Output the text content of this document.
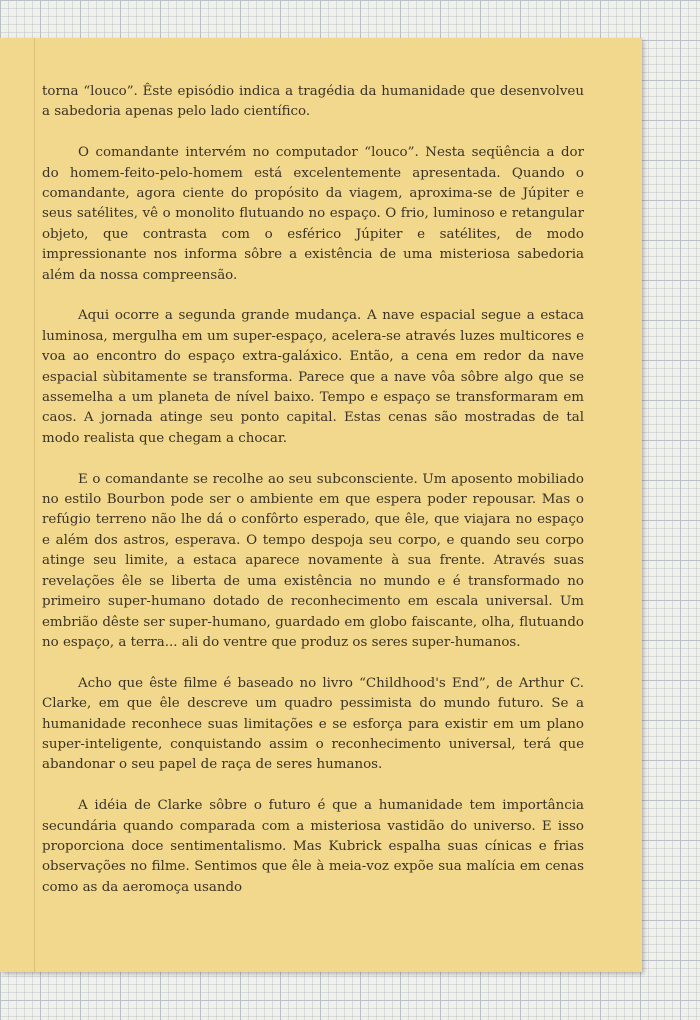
torna “louco”. Êste episódio indica a tragédia da humanidade que desenvolveu a sabedoria apenas pelo lado científico.

O comandante intervém no computador “louco”. Nesta seqüência a dor do homem-feito-pelo-homem está excelentemente apresentada. Quando o comandante, agora ciente do propósito da viagem, aproxima-se de Júpiter e seus satélites, vê o monolito flutuando no espaço. O frio, luminoso e retangular objeto, que contrasta com o esférico Júpiter e satélites, de modo impressionante nos informa sôbre a existência de uma misteriosa sabedoria além da nossa compreensão.

Aqui ocorre a segunda grande mudança. A nave espacial segue a estaca luminosa, mergulha em um super-espaço, acelera-se através luzes multicores e voa ao encontro do espaço extra-galáxico. Então, a cena em redor da nave espacial sùbitamente se transforma. Parece que a nave vôa sôbre algo que se assemelha a um planeta de nível baixo. Tempo e espaço se transformaram em caos. A jornada atinge seu ponto capital. Estas cenas são mostradas de tal modo realista que chegam a chocar.

E o comandante se recolhe ao seu subconsciente. Um aposento mobiliado no estilo Bourbon pode ser o ambiente em que espera poder repousar. Mas o refúgio terreno não lhe dá o confôrto esperado, que êle, que viajara no espaço e além dos astros, esperava. O tempo despoja seu corpo, e quando seu corpo atinge seu limite, a estaca aparece novamente à sua frente. Através suas revelações êle se liberta de uma existência no mundo e é transformado no primeiro super-humano dotado de reconhecimento em escala universal. Um embrião dêste ser super-humano, guardado em globo faiscante, olha, flutuando no espaço, a terra... ali do ventre que produz os seres super-humanos.

Acho que êste filme é baseado no livro “Childhood's End”, de Arthur C. Clarke, em que êle descreve um quadro pessimista do mundo futuro. Se a humanidade reconhece suas limitações e se esforça para existir em um plano super-inteligente, conquistando assim o reconhecimento universal, terá que abandonar o seu papel de raça de seres humanos.

A idéia de Clarke sôbre o futuro é que a humanidade tem importância secundária quando comparada com a misteriosa vastidão do universo. E isso proporciona doce sentimentalismo. Mas Kubrick espalha suas cínicas e frias observações no filme. Sentimos que êle à meia-voz expõe sua malícia em cenas como as da aeromoça usando
